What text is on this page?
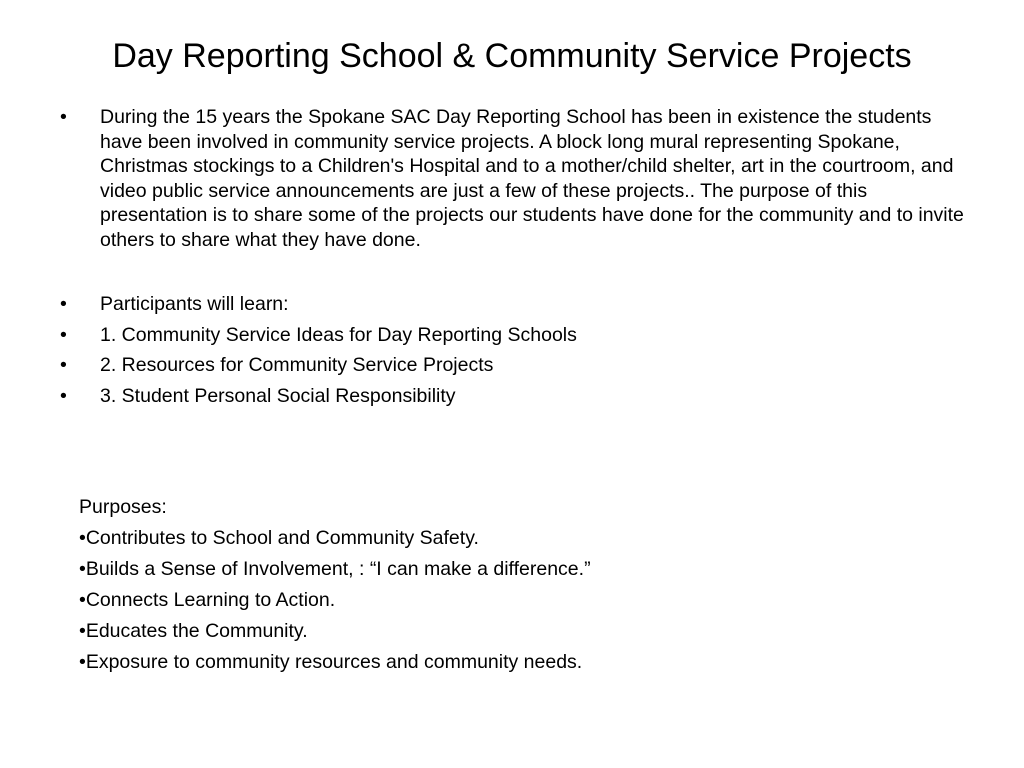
Day Reporting School & Community Service Projects
•	During the 15 years the Spokane SAC Day Reporting School has been in existence the students have been involved in community service projects. A block long mural representing Spokane, Christmas stockings to a Children's Hospital and to a mother/child shelter, art in the courtroom, and video public service announcements are just a few of these projects.. The purpose of this presentation is to share some of the projects our students have done for the community and to invite others to share what they have done.
•	Participants will learn:
•	1. Community Service Ideas for Day Reporting Schools
•	2. Resources for Community Service Projects
•	3. Student Personal Social Responsibility
Purposes:
•Contributes to School and Community Safety.
•Builds a Sense of Involvement, : “I can make a difference.”
•Connects Learning to Action.
•Educates the Community.
•Exposure to community resources and community needs.
